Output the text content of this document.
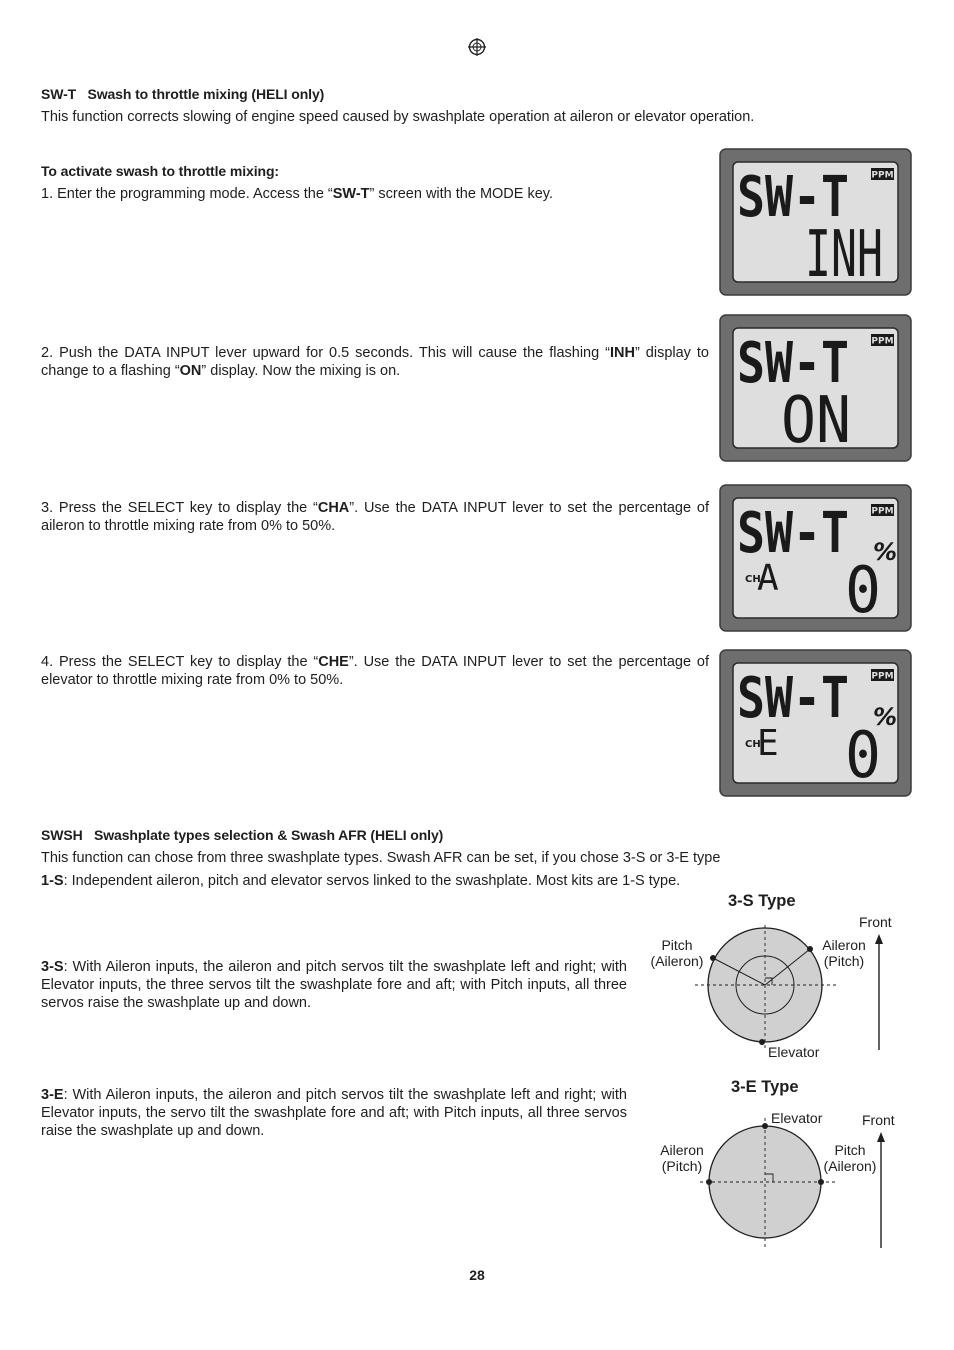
SW-T Swash to throttle mixing (HELI only)

This function corrects slowing of engine speed caused by swashplate operation at aileron or elevator operation.

To activate swash to throttle mixing:

1. Enter the programming mode. Access the “SW-T” screen with the MODE key.

2. Push the DATA INPUT lever upward for 0.5 seconds. This will cause the flashing “INH” display to change to a flashing “ON” display. Now the mixing is on.

3. Press the SELECT key to display the “CHA”. Use the DATA INPUT lever to set the percentage of aileron to throttle mixing rate from 0% to 50%.

4. Press the SELECT key to display the “CHE”. Use the DATA INPUT lever to set the percentage of elevator to throttle mixing rate from 0% to 50%.

SW-T PPM
INH
SW-T PPM
ON
SW-T PPM
%
CH
A 0
SW-T PPM
%
CH
E 0
SWSH Swashplate types selection & Swash AFR (HELI only)

This function can chose from three swashplate types. Swash AFR can be set, if you chose 3-S or 3-E type

1-S: Independent aileron, pitch and elevator servos linked to the swashplate. Most kits are 1-S type.

3-S: With Aileron inputs, the aileron and pitch servos tilt the swashplate left and right; with Elevator inputs, the three servos tilt the swashplate fore and aft; with Pitch inputs, all three servos raise the swashplate up and down.

3-E: With Aileron inputs, the aileron and pitch servos tilt the swashplate left and right; with Elevator inputs, the servo tilt the swashplate fore and aft; with Pitch inputs, all three servos raise the swashplate up and down.

3-S Type
Front
Pitch
(Aileron)
Aileron
(Pitch)
Elevator
3-E Type
Elevator	Front
Aileron
(Pitch)
Pitch
(Aileron)
28
